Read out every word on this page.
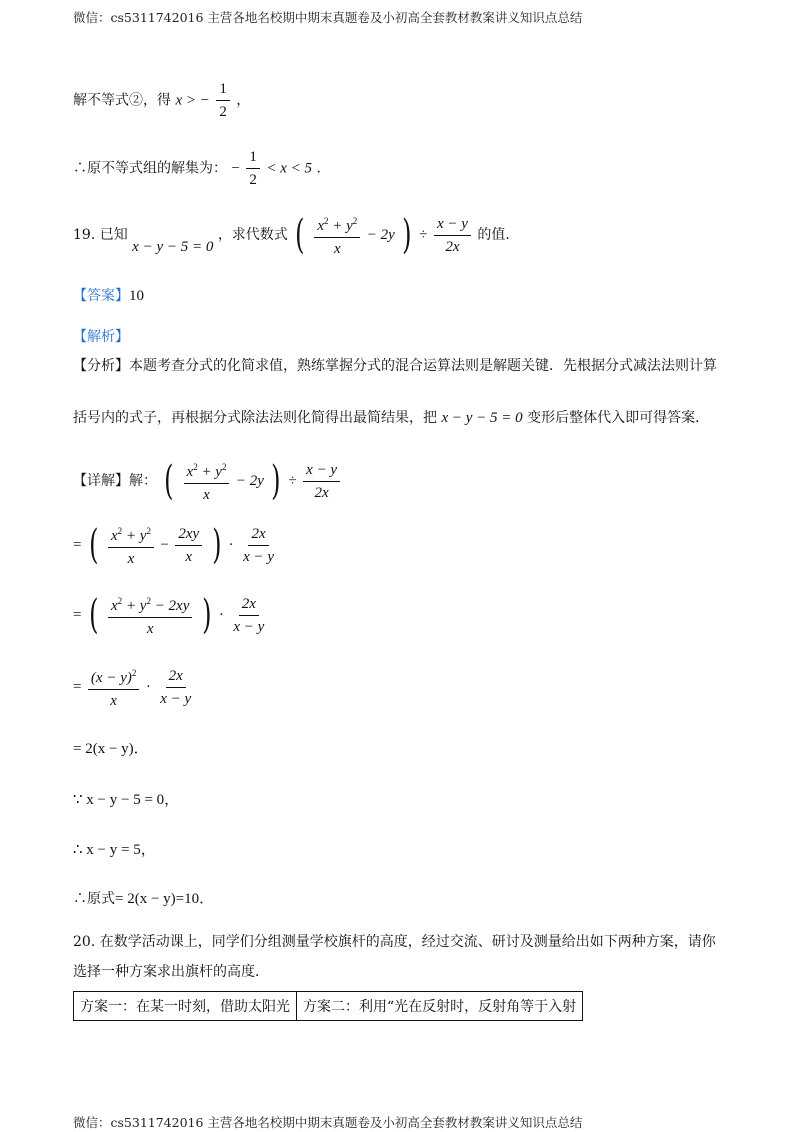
微信：cs5311742016 主营各地名校期中期末真题卷及小初高全套教材教案讲义知识点总结
解不等式②，得 x > − $\frac{1}{2}$ ，
∴原不等式组的解集为： − $\frac{1}{2} < x < 5$ ．
19. 已知 x − y − 5 = 0 ，求代数式 ( $\frac{x^2 + y^2}{x} - 2y$ ) ÷ $\frac{x - y}{2x}$ 的值．
【答案】10
【解析】
【分析】本题考查分式的化简求值，熟练掌握分式的混合运算法则是解题关键．先根据分式减法法则计算
括号内的式子，再根据分式除法法则化简得出最简结果，把 x − y − 5 = 0 变形后整体代入即可得答案．
【详解】解： ( $\frac{x^2 + y^2}{x} - 2y$ ) ÷ $\frac{x - y}{2x}$
= ( $\frac{x^2 + y^2}{x} - \frac{2xy}{x}$ ) · $\frac{2x}{x - y}$
= ( $\frac{x^2 + y^2 - 2xy}{x}$ ) · $\frac{2x}{x - y}$
= $\frac{(x - y)^2}{x} \cdot \frac{2x}{x - y}$
= 2(x − y)．
∵ x − y − 5 = 0，
∴ x − y = 5，
∴原式= 2(x − y)=10．
20. 在数学活动课上，同学们分组测量学校旗杆的高度，经过交流、研讨及测量给出如下两种方案，请你
选择一种方案求出旗杆的高度．
方案一：在某一时刻，借助太阳光	方案二：利用“光在反射时，反射角等于入射
微信：cs5311742016 主营各地名校期中期末真题卷及小初高全套教材教案讲义知识点总结
